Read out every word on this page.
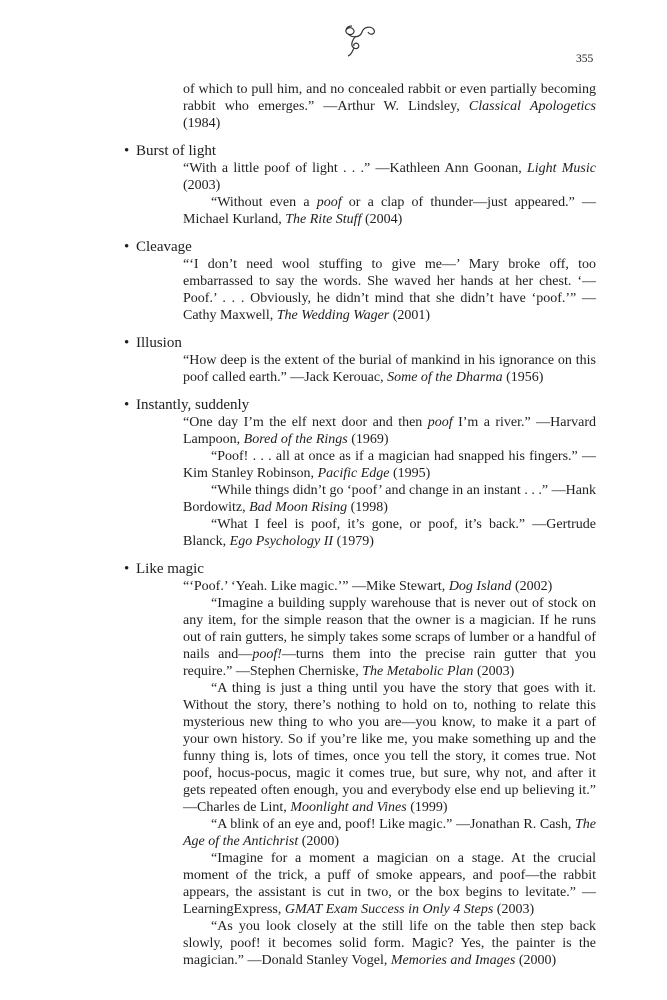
355

of which to pull him, and no concealed rabbit or even partially becoming rabbit who emerges.” —Arthur W. Lindsley, Classical Apologetics (1984)

• Burst of light

“With a little poof of light . . .” —Kathleen Ann Goonan, Light Music (2003)

“Without even a poof or a clap of thunder—just appeared.” —Michael Kurland, The Rite Stuff (2004)

• Cleavage

“‘I don’t need wool stuffing to give me—’ Mary broke off, too embarrassed to say the words. She waved her hands at her chest. ‘—Poof.’ . . . Obviously, he didn’t mind that she didn’t have ‘poof.’” —Cathy Maxwell, The Wedding Wager (2001)

• Illusion

“How deep is the extent of the burial of mankind in his ignorance on this poof called earth.” —Jack Kerouac, Some of the Dharma (1956)

• Instantly, suddenly

“One day I’m the elf next door and then poof I’m a river.” —Harvard Lampoon, Bored of the Rings (1969)

“Poof! . . . all at once as if a magician had snapped his fingers.” —Kim Stanley Robinson, Pacific Edge (1995)

“While things didn’t go ‘poof’ and change in an instant . . .” —Hank Bordowitz, Bad Moon Rising (1998)

“What I feel is poof, it’s gone, or poof, it’s back.” —Gertrude Blanck, Ego Psychology II (1979)

• Like magic

“‘Poof.’ ‘Yeah. Like magic.’” —Mike Stewart, Dog Island (2002)

“Imagine a building supply warehouse that is never out of stock on any item, for the simple reason that the owner is a magician. If he runs out of rain gutters, he simply takes some scraps of lumber or a handful of nails and—poof!—turns them into the precise rain gutter that you require.” —Stephen Cherniske, The Metabolic Plan (2003)

“A thing is just a thing until you have the story that goes with it. Without the story, there’s nothing to hold on to, nothing to relate this mysterious new thing to who you are—you know, to make it a part of your own history. So if you’re like me, you make something up and the funny thing is, lots of times, once you tell the story, it comes true. Not poof, hocus-pocus, magic it comes true, but sure, why not, and after it gets repeated often enough, you and everybody else end up believing it.” —Charles de Lint, Moonlight and Vines (1999)

“A blink of an eye and, poof! Like magic.” —Jonathan R. Cash, The Age of the Antichrist (2000)

“Imagine for a moment a magician on a stage. At the crucial moment of the trick, a puff of smoke appears, and poof—the rabbit appears, the assistant is cut in two, or the box begins to levitate.” —LearningExpress, GMAT Exam Success in Only 4 Steps (2003)

“As you look closely at the still life on the table then step back slowly, poof! it becomes solid form. Magic? Yes, the painter is the magician.” —Donald Stanley Vogel, Memories and Images (2000)
